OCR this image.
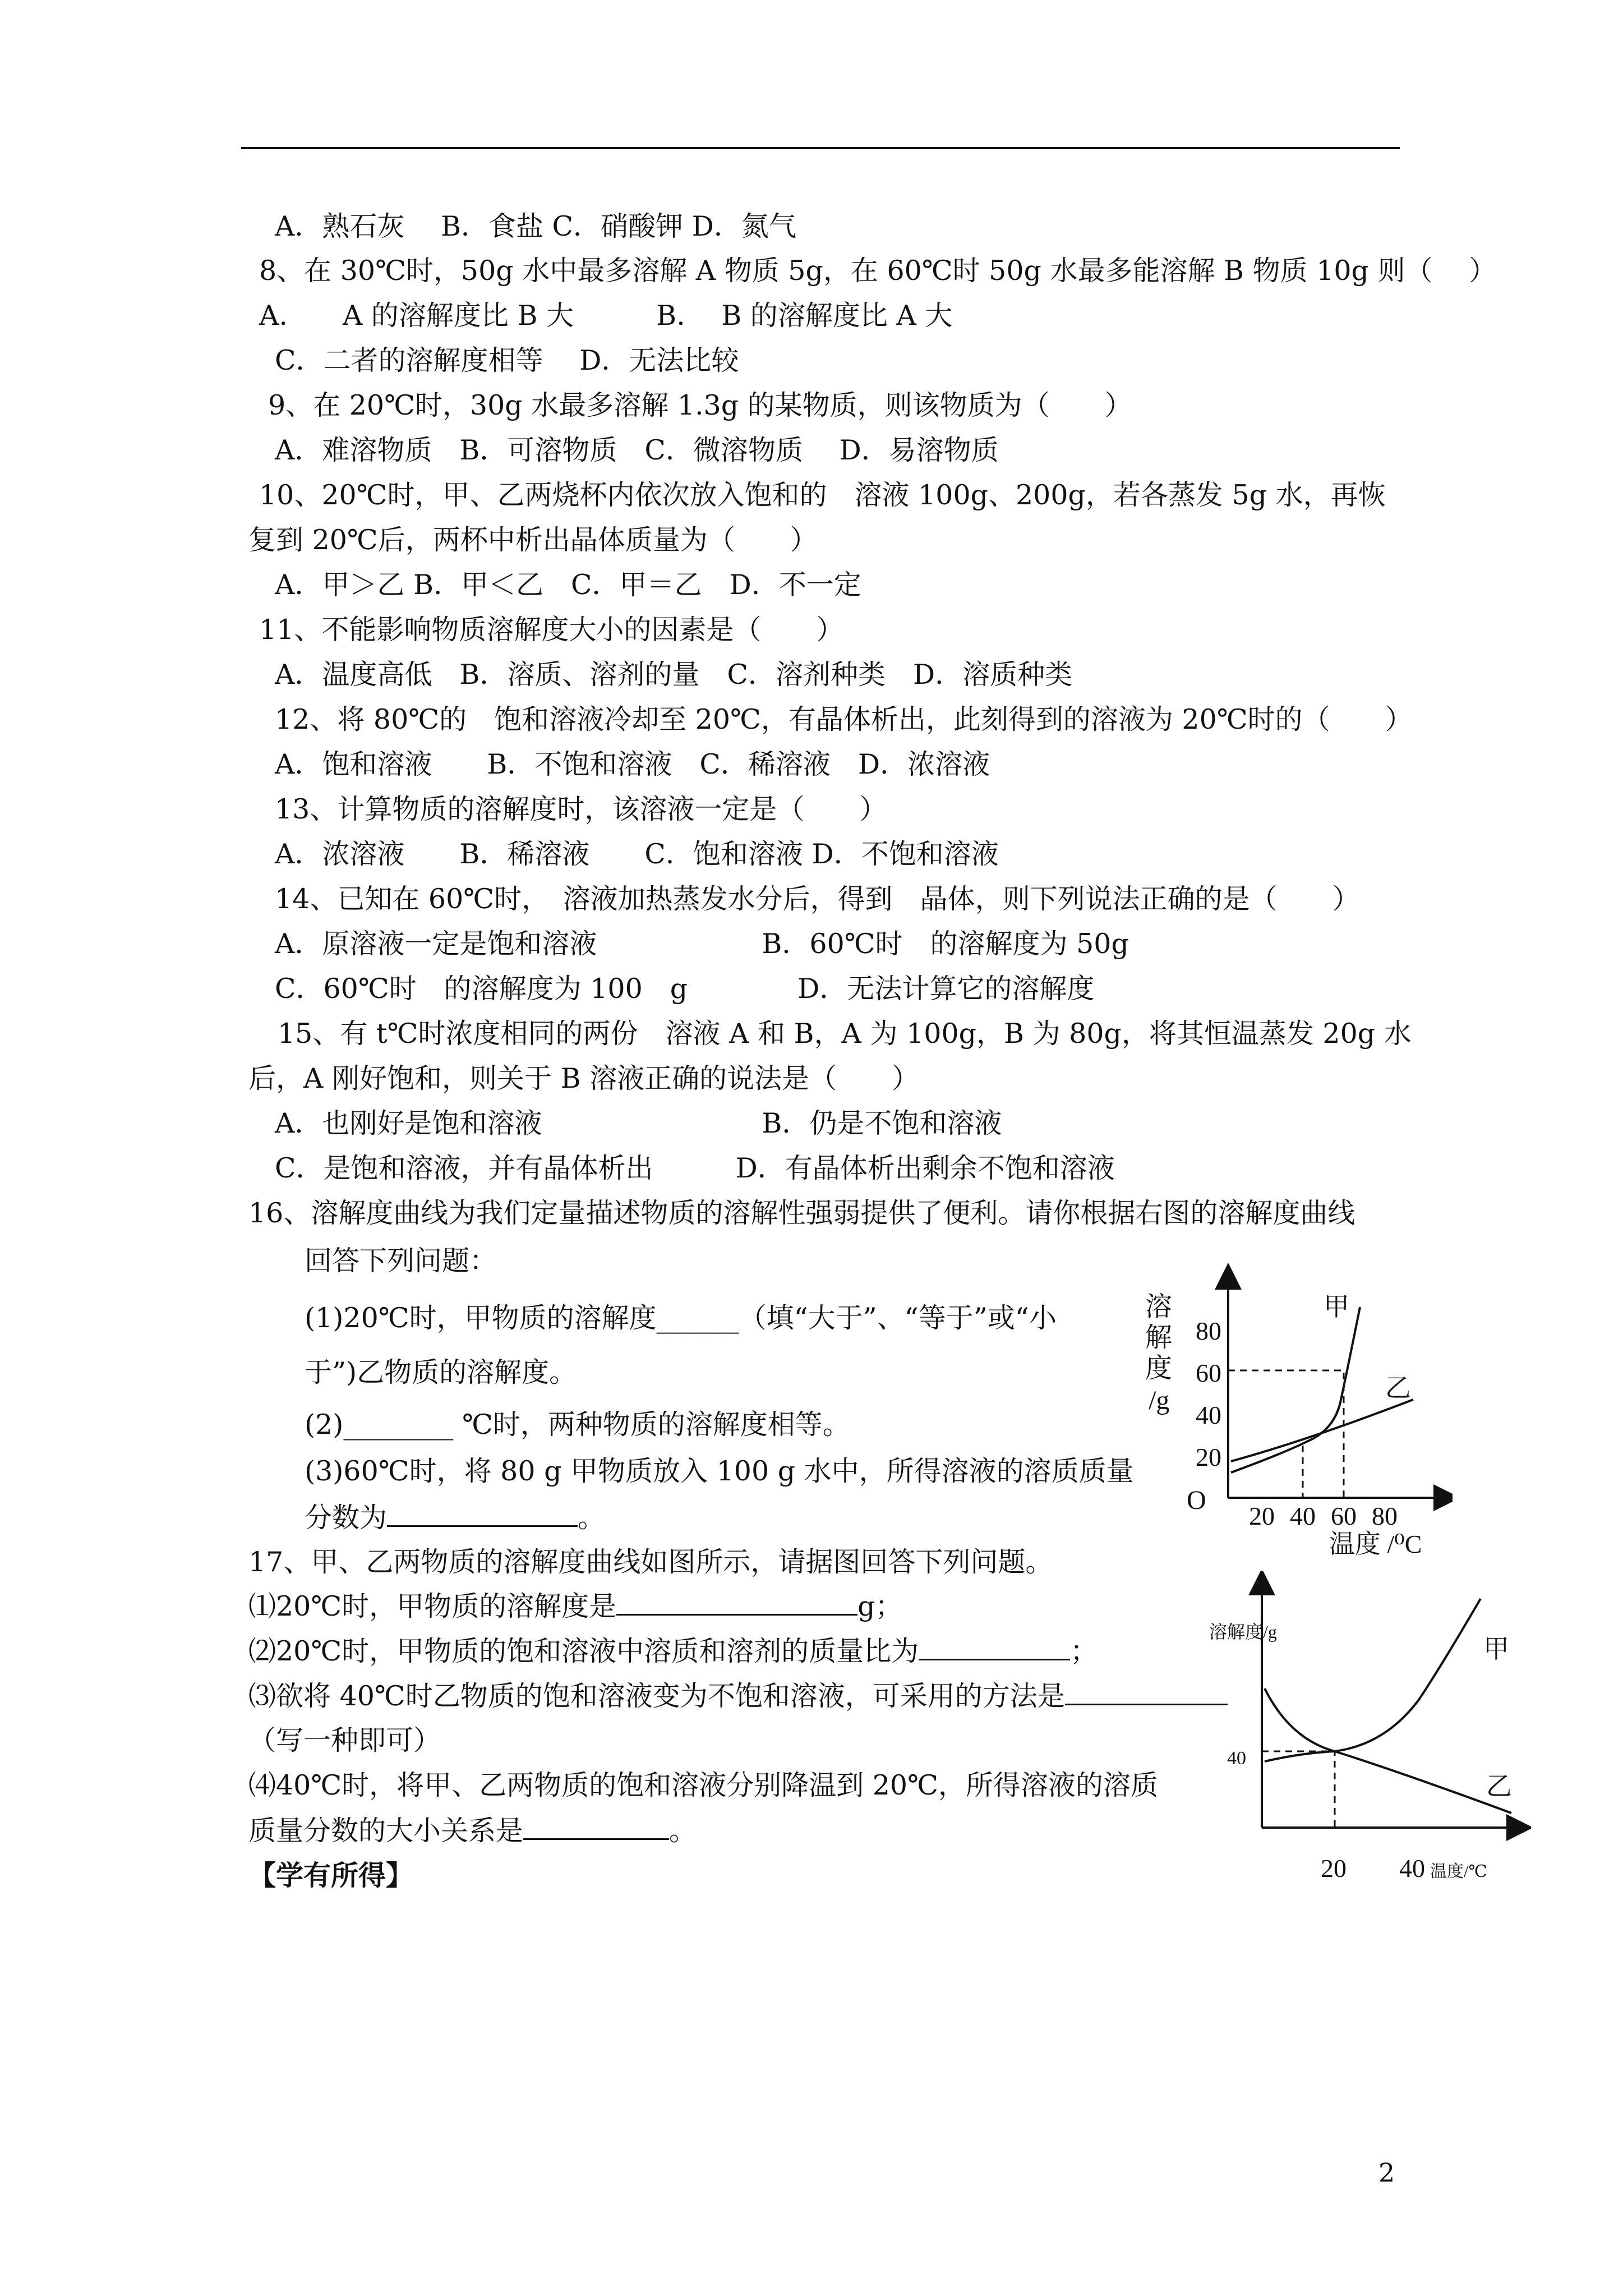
A．熟石灰　 B．食盐 C．硝酸钾 D．氮气
8、在 30℃时，50g 水中最多溶解 A 物质 5g，在 60℃时 50g 水最多能溶解 B 物质 10g 则（　 ）
A.　　A 的溶解度比 B 大　　　B.　 B 的溶解度比 A 大
C．二者的溶解度相等　 D．无法比较
9、在 20℃时，30g 水最多溶解 1.3g 的某物质，则该物质为（　　）
A．难溶物质　B．可溶物质　C．微溶物质　 D．易溶物质
10、20℃时，甲、乙两烧杯内依次放入饱和的　溶液 100g、200g，若各蒸发 5g 水，再恢
复到 20℃后，两杯中析出晶体质量为（　　）
A．甲＞乙 B．甲＜乙　C．甲＝乙　D．不一定
11、不能影响物质溶解度大小的因素是（　　）
A．温度高低　B．溶质、溶剂的量　C．溶剂种类　D．溶质种类
12、将 80℃的　饱和溶液冷却至 20℃，有晶体析出，此刻得到的溶液为 20℃时的（　　）
A．饱和溶液　　B．不饱和溶液　C．稀溶液　D．浓溶液
13、计算物质的溶解度时，该溶液一定是（　　）
A．浓溶液　　B．稀溶液　　C．饱和溶液 D．不饱和溶液
14、已知在 60℃时，　溶液加热蒸发水分后，得到　晶体，则下列说法正确的是（　　）
A．原溶液一定是饱和溶液　　　　　　B．60℃时　的溶解度为 50g
C．60℃时　的溶解度为 100　g　　　　D．无法计算它的溶解度
15、有 t℃时浓度相同的两份　溶液 A 和 B，A 为 100g，B 为 80g，将其恒温蒸发 20g 水
后，A 刚好饱和，则关于 B 溶液正确的说法是（　　）
A．也刚好是饱和溶液　　　　　　　　B．仍是不饱和溶液
C．是饱和溶液，并有晶体析出　　　D．有晶体析出剩余不饱和溶液
16、溶解度曲线为我们定量描述物质的溶解性强弱提供了便利。请你根据右图的溶解度曲线
回答下列问题：
(1)20℃时，甲物质的溶解度______（填“大于”、“等于”或“小
于”)乙物质的溶解度。
(2)________ ℃时，两种物质的溶解度相等。
(3)60℃时，将 80 g 甲物质放入 100 g 水中，所得溶液的溶质质量
分数为	。
17、甲、乙两物质的溶解度曲线如图所示，请据图回答下列问题。
⑴20℃时，甲物质的溶解度是	g；
⑵20℃时，甲物质的饱和溶液中溶质和溶剂的质量比为	；
⑶欲将 40℃时乙物质的饱和溶液变为不饱和溶液，可采用的方法是
（写一种即可）
⑷40℃时，将甲、乙两物质的饱和溶液分别降温到 20℃，所得溶液的溶质
质量分数的大小关系是	。
【学有所得】
溶
解
度
/g
80
60
40
20
O
20 40 60 80
温度 /⁰C
甲
乙
溶解度/g
40
甲
乙
20 40 温度/℃
2
